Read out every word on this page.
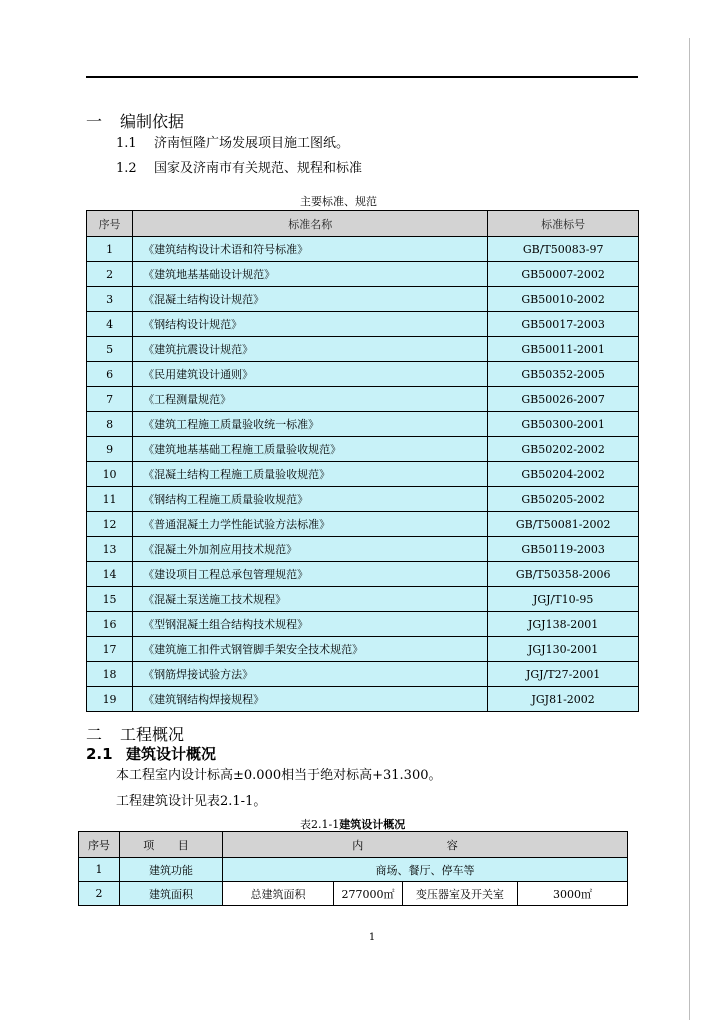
一 编制依据
1.1 济南恒隆广场发展项目施工图纸。
1.2 国家及济南市有关规范、规程和标准
主要标准、规范
序号	标准名称	标准标号
1	《建筑结构设计术语和符号标准》	GB/T50083-97
2	《建筑地基基础设计规范》	GB50007-2002
3	《混凝土结构设计规范》	GB50010-2002
4	《钢结构设计规范》	GB50017-2003
5	《建筑抗震设计规范》	GB50011-2001
6	《民用建筑设计通则》	GB50352-2005
7	《工程测量规范》	GB50026-2007
8	《建筑工程施工质量验收统一标准》	GB50300-2001
9	《建筑地基基础工程施工质量验收规范》	GB50202-2002
10	《混凝土结构工程施工质量验收规范》	GB50204-2002
11	《钢结构工程施工质量验收规范》	GB50205-2002
12	《普通混凝土力学性能试验方法标准》	GB/T50081-2002
13	《混凝土外加剂应用技术规范》	GB50119-2003
14	《建设项目工程总承包管理规范》	GB/T50358-2006
15	《混凝土泵送施工技术规程》	JGJ/T10-95
16	《型钢混凝土组合结构技术规程》	JGJ138-2001
17	《建筑施工扣件式钢管脚手架安全技术规范》	JGJ130-2001
18	《钢筋焊接试验方法》	JGJ/T27-2001
19	《建筑钢结构焊接规程》	JGJ81-2002
二 工程概况
2.1 建筑设计概况
本工程室内设计标高±0.000相当于绝对标高+31.300。
工程建筑设计见表2.1-1。
表2.1-1建筑设计概况
序号	项 目	内 容			
1	建筑功能	商场、餐厅、停车等			
2	建筑面积	总建筑面积	277000㎡	变压器室及开关室	3000㎡
1
